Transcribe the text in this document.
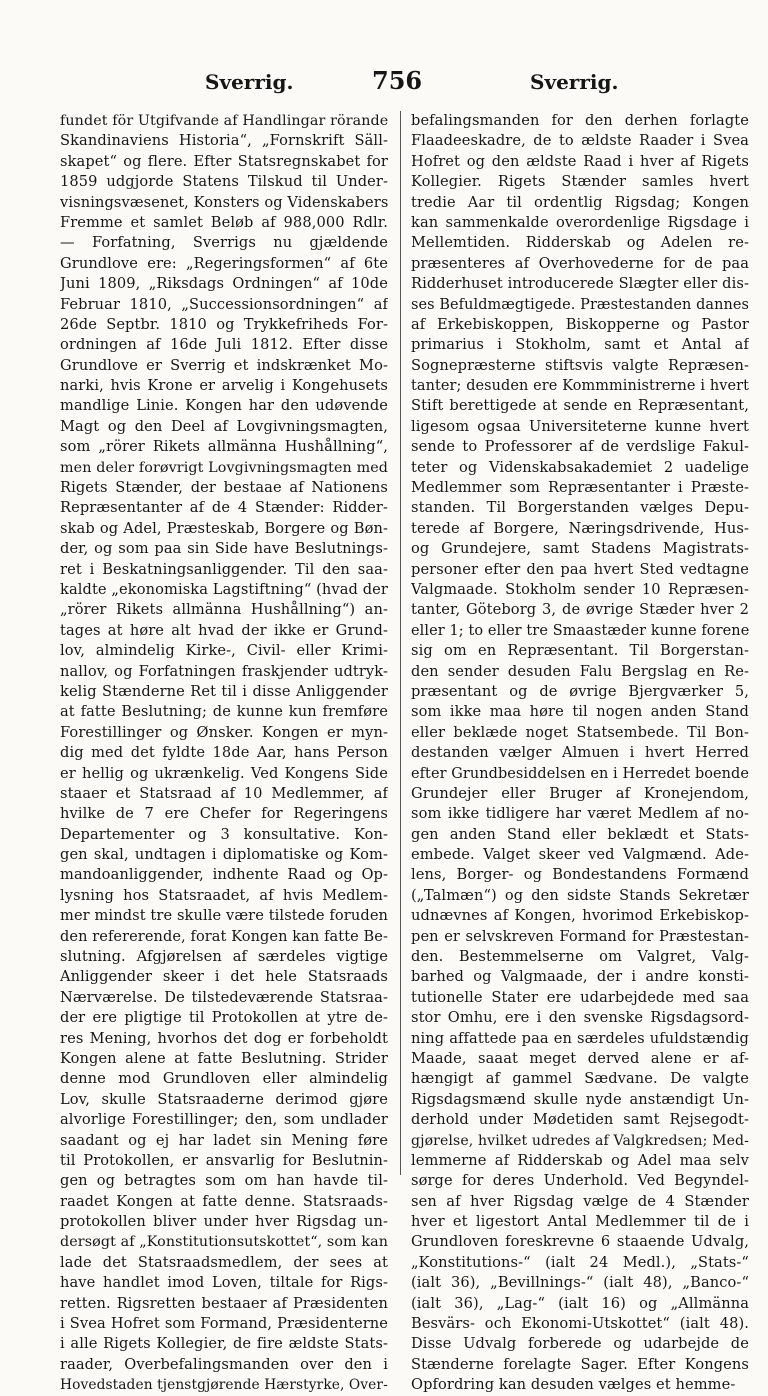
Sverrig.	756	Sverrig.
fundet för Utgifvande af Handlingar rörande
Skandinaviens Historia“, „Fornskrift Säll-
skapet“ og flere. Efter Statsregnskabet for
1859 udgjorde Statens Tilskud til Under-
visningsvæsenet, Konsters og Videnskabers
Fremme et samlet Beløb af 988,000 Rdlr.
— Forfatning, Sverrigs nu gjældende
Grundlove ere: „Regeringsformen“ af 6te
Juni 1809, „Riksdags Ordningen“ af 10de
Februar 1810, „Successionsordningen“ af
26de Septbr. 1810 og Trykkefriheds For-
ordningen af 16de Juli 1812. Efter disse
Grundlove er Sverrig et indskrænket Mo-
narki, hvis Krone er arvelig i Kongehusets
mandlige Linie. Kongen har den udøvende
Magt og den Deel af Lovgivningsmagten,
som „rörer Rikets allmänna Hushållning“,
men deler forøvrigt Lovgivningsmagten med
Rigets Stænder, der bestaae af Nationens
Repræsentanter af de 4 Stænder: Ridder-
skab og Adel, Præsteskab, Borgere og Bøn-
der, og som paa sin Side have Beslutnings-
ret i Beskatningsanliggender. Til den saa-
kaldte „ekonomiska Lagstiftning“ (hvad der
„rörer Rikets allmänna Hushållning“) an-
tages at høre alt hvad der ikke er Grund-
lov, almindelig Kirke-, Civil- eller Krimi-
nallov, og Forfatningen fraskjender udtryk-
kelig Stænderne Ret til i disse Anliggender
at fatte Beslutning; de kunne kun fremføre
Forestillinger og Ønsker. Kongen er myn-
dig med det fyldte 18de Aar, hans Person
er hellig og ukrænkelig. Ved Kongens Side
staaer et Statsraad af 10 Medlemmer, af
hvilke de 7 ere Chefer for Regeringens
Departementer og 3 konsultative. Kon-
gen skal, undtagen i diplomatiske og Kom-
mandoanliggender, indhente Raad og Op-
lysning hos Statsraadet, af hvis Medlem-
mer mindst tre skulle være tilstede foruden
den refererende, forat Kongen kan fatte Be-
slutning. Afgjørelsen af særdeles vigtige
Anliggender skeer i det hele Statsraads
Nærværelse. De tilstedeværende Statsraa-
der ere pligtige til Protokollen at ytre de-
res Mening, hvorhos det dog er forbeholdt
Kongen alene at fatte Beslutning. Strider
denne mod Grundloven eller almindelig
Lov, skulle Statsraaderne derimod gjøre
alvorlige Forestillinger; den, som undlader
saadant og ej har ladet sin Mening føre
til Protokollen, er ansvarlig for Beslutnin-
gen og betragtes som om han havde til-
raadet Kongen at fatte denne. Statsraads-
protokollen bliver under hver Rigsdag un-
dersøgt af „Konstitutionsutskottet“, som kan
lade det Statsraadsmedlem, der sees at
have handlet imod Loven, tiltale for Rigs-
retten. Rigsretten bestaaer af Præsidenten
i Svea Hofret som Formand, Præsidenterne
i alle Rigets Kollegier, de fire ældste Stats-
raader, Overbefalingsmanden over den i
Hovedstaden tjenstgjørende Hærstyrke, Over-
befalingsmanden for den derhen forlagte
Flaadeeskadre, de to ældste Raader i Svea
Hofret og den ældste Raad i hver af Rigets
Kollegier. Rigets Stænder samles hvert
tredie Aar til ordentlig Rigsdag; Kongen
kan sammenkalde overordenlige Rigsdage i
Mellemtiden. Ridderskab og Adelen re-
præsenteres af Overhovederne for de paa
Ridderhuset introducerede Slægter eller dis-
ses Befuldmægtigede. Præstestanden dannes
af Erkebiskoppen, Biskopperne og Pastor
primarius i Stokholm, samt et Antal af
Sognepræsterne stiftsvis valgte Repræsen-
tanter; desuden ere Kommministrerne i hvert
Stift berettigede at sende en Repræsentant,
ligesom ogsaa Universiteterne kunne hvert
sende to Professorer af de verdslige Fakul-
teter og Videnskabsakademiet 2 uadelige
Medlemmer som Repræsentanter i Præste-
standen. Til Borgerstanden vælges Depu-
terede af Borgere, Næringsdrivende, Hus-
og Grundejere, samt Stadens Magistrats-
personer efter den paa hvert Sted vedtagne
Valgmaade. Stokholm sender 10 Repræsen-
tanter, Göteborg 3, de øvrige Stæder hver 2
eller 1; to eller tre Smaastæder kunne forene
sig om en Repræsentant. Til Borgerstan-
den sender desuden Falu Bergslag en Re-
præsentant og de øvrige Bjergværker 5,
som ikke maa høre til nogen anden Stand
eller beklæde noget Statsembede. Til Bon-
destanden vælger Almuen i hvert Herred
efter Grundbesiddelsen en i Herredet boende
Grundejer eller Bruger af Kronejendom,
som ikke tidligere har været Medlem af no-
gen anden Stand eller beklædt et Stats-
embede. Valget skeer ved Valgmænd. Ade-
lens, Borger- og Bondestandens Formænd
(„Talmæn“) og den sidste Stands Sekretær
udnævnes af Kongen, hvorimod Erkebiskop-
pen er selvskreven Formand for Præstestan-
den. Bestemmelserne om Valgret, Valg-
barhed og Valgmaade, der i andre konsti-
tutionelle Stater ere udarbejdede med saa
stor Omhu, ere i den svenske Rigsdagsord-
ning affattede paa en særdeles ufuldstændig
Maade, saaat meget derved alene er af-
hængigt af gammel Sædvane. De valgte
Rigsdagsmænd skulle nyde anstændigt Un-
derhold under Mødetiden samt Rejsegodt-
gjørelse, hvilket udredes af Valgkredsen; Med-
lemmerne af Ridderskab og Adel maa selv
sørge for deres Underhold. Ved Begyndel-
sen af hver Rigsdag vælge de 4 Stænder
hver et ligestort Antal Medlemmer til de i
Grundloven foreskrevne 6 staaende Udvalg,
„Konstitutions-“ (ialt 24 Medl.), „Stats-“
(ialt 36), „Bevillnings-“ (ialt 48), „Banco-“
(ialt 36), „Lag-“ (ialt 16) og „Allmänna
Besvärs- och Ekonomi-Utskottet“ (ialt 48).
Disse Udvalg forberede og udarbejde de
Stænderne forelagte Sager. Efter Kongens
Opfordring kan desuden vælges et hemme-
